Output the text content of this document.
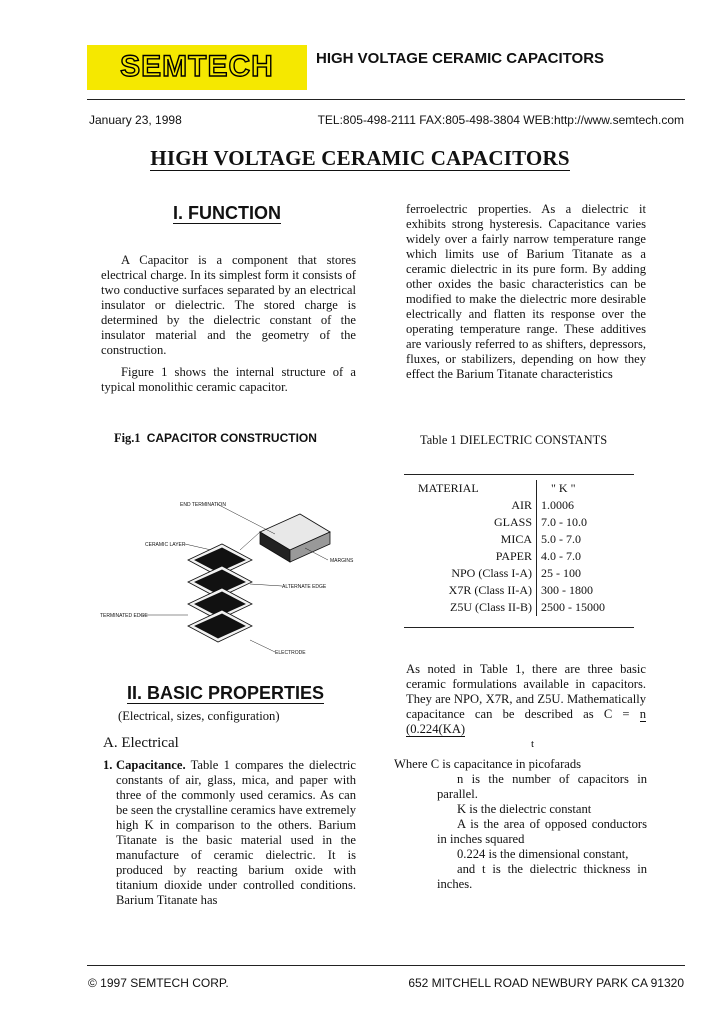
SEMTECH	HIGH VOLTAGE CERAMIC CAPACITORS
January 23, 1998	TEL:805-498-2111 FAX:805-498-3804 WEB:http://www.semtech.com
HIGH VOLTAGE CERAMIC CAPACITORS
I. FUNCTION

A Capacitor is a component that stores electrical charge. In its simplest form it consists of two conductive surfaces separated by an electrical insulator or dielectric. The stored charge is determined by the dielectric constant of the insulator material and the geometry of the construction.

Figure 1 shows the internal structure of a typical monolithic ceramic capacitor.

Fig.1 CAPACITOR CONSTRUCTION
END TERMINATION
CERAMIC LAYER
MARGINS
ALTERNATE EDGE
TERMINATED EDGE
ELECTRODE
II. BASIC PROPERTIES
(Electrical, sizes, configuration)
A. Electrical
1. Capacitance. Table 1 compares the dielectric constants of air, glass, mica, and paper with three of the commonly used ceramics. As can be seen the crystalline ceramics have extremely high K in comparison to the others. Barium Titanate is the basic material used in the manufacture of ceramic dielectric. It is produced by reacting barium oxide with titanium dioxide under controlled conditions. Barium Titanate has
ferroelectric properties. As a dielectric it exhibits strong hysteresis. Capacitance varies widely over a fairly narrow temperature range which limits use of Barium Titanate as a ceramic dielectric in its pure form. By adding other oxides the basic characteristics can be modified to make the dielectric more desirable electrically and flatten its response over the operating temperature range. These additives are variously referred to as shifters, depressors, fluxes, or stabilizers, depending on how they effect the Barium Titanate characteristics
Table 1 DIELECTRIC CONSTANTS
MATERIAL	" K "
AIR	1.0006
GLASS	7.0 - 10.0
MICA	5.0 - 7.0
PAPER	4.0 - 7.0
NPO (Class I-A)	25 - 100
X7R (Class II-A)	300 - 1800
Z5U (Class II-B)	2500 - 15000
As noted in Table 1, there are three basic ceramic formulations available in capacitors. They are NPO, X7R, and Z5U. Mathematically capacitance can be described as C = n (0.224(KA)
t
Where C is capacitance in picofarads

n is the number of capacitors in parallel.

K is the dielectric constant

A is the area of opposed conductors in inches squared

0.224 is the dimensional constant,

and t is the dielectric thickness in inches.

© 1997 SEMTECH CORP.	652 MITCHELL ROAD NEWBURY PARK CA 91320
